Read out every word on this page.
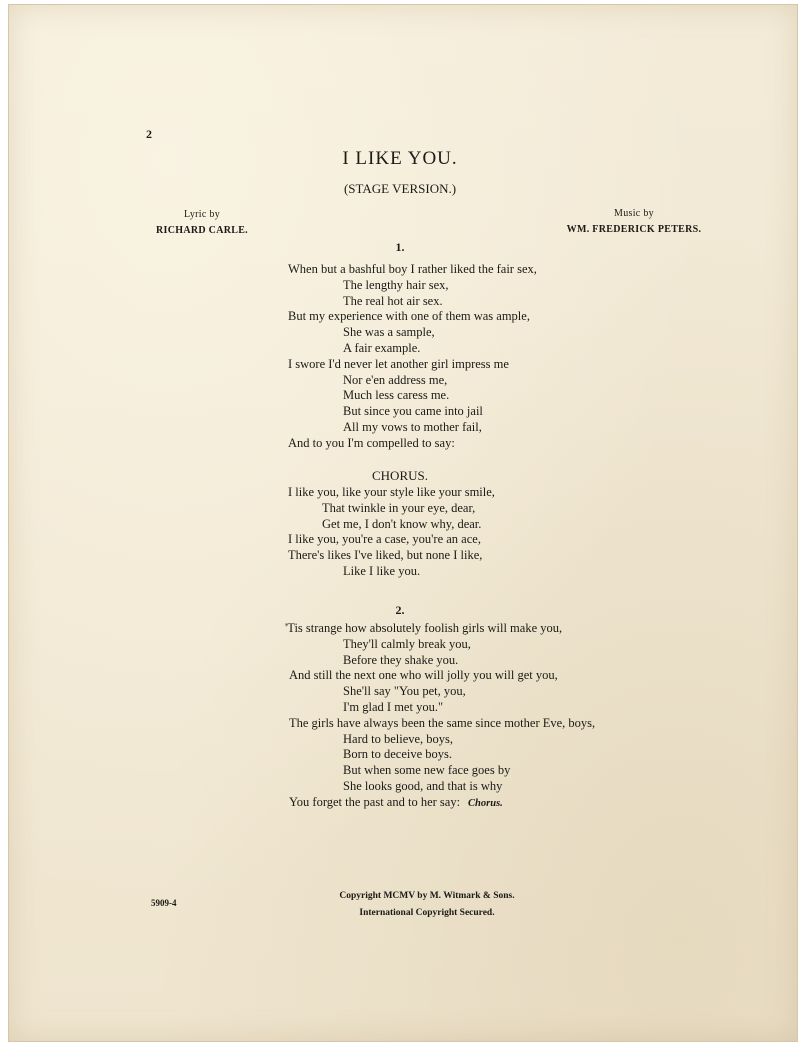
2

I LIKE YOU.

(STAGE VERSION.)

Lyric by
RICHARD CARLE.
Music by
WM. FREDERICK PETERS.

1.

When but a bashful boy I rather liked the fair sex,
The lengthy hair sex,
The real hot air sex.
But my experience with one of them was ample,
She was a sample,
A fair example.
I swore I'd never let another girl impress me
Nor e'en address me,
Much less caress me.
But since you came into jail
All my vows to mother fail,
And to you I'm compelled to say:

CHORUS.

I like you, like your style like your smile,
That twinkle in your eye, dear,
Get me, I don't know why, dear.
I like you, you're a case, you're an ace,
There's likes I've liked, but none I like,
Like I like you.

2.

'Tis strange how absolutely foolish girls will make you,
They'll calmly break you,
Before they shake you.
And still the next one who will jolly you will get you,
She'll say "You pet, you,
I'm glad I met you."
The girls have always been the same since mother Eve, boys,
Hard to believe, boys,
Born to deceive boys.
But when some new face goes by
She looks good, and that is why
You forget the past and to her say: Chorus.

5909-4

Copyright MCMV by M. Witmark & Sons.
International Copyright Secured.
